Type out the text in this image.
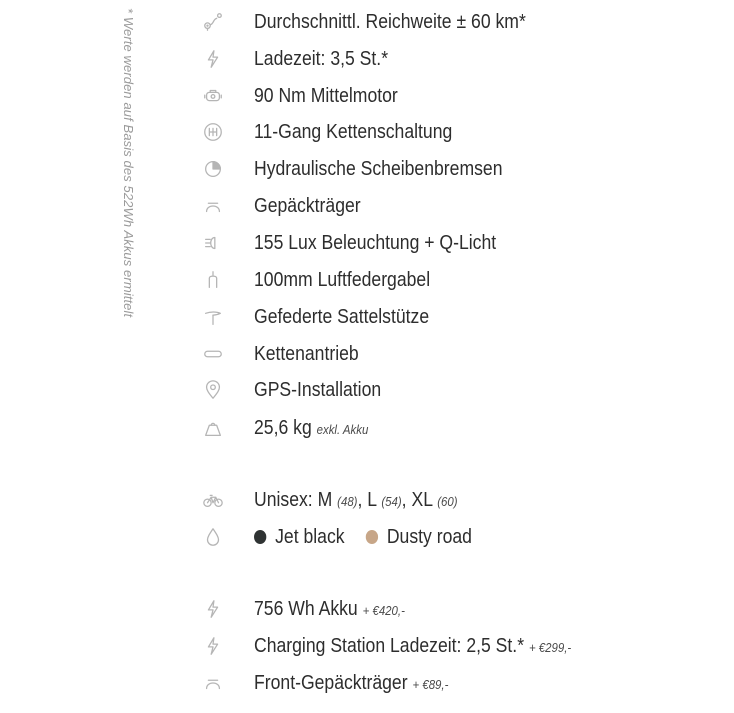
* Werte werden auf Basis des 522Wh Akkus ermittelt	Durchschnittl. Reichweite ± 60 km*
Ladezeit: 3,5 St.*
90 Nm Mittelmotor
11-Gang Kettenschaltung
Hydraulische Scheibenbremsen
Gepäckträger
155 Lux Beleuchtung + Q-Licht
100mm Luftfedergabel
Gefederte Sattelstütze
Kettenantrieb
GPS-Installation
25,6 kg exkl. Akku
Unisex: M (48), L (54), XL (60)
Jet black Dusty road
756 Wh Akku + €420,-
Charging Station Ladezeit: 2,5 St.* + €299,-
Front-Gepäckträger + €89,-
